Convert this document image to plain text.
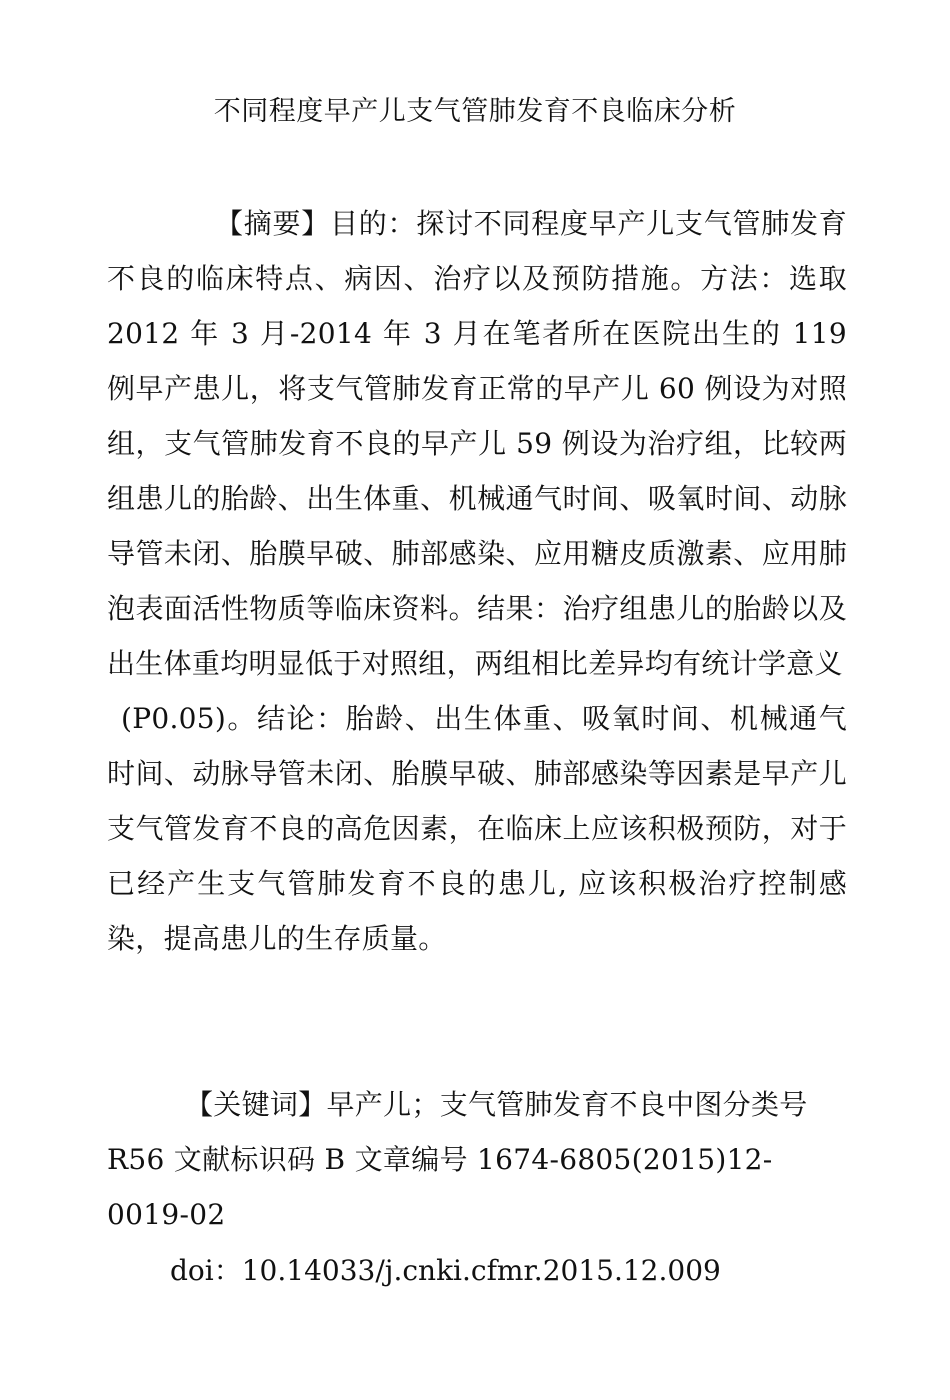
不同程度早产儿支气管肺发育不良临床分析

【摘要】目的：探讨不同程度早产儿支气管肺发育不良的临床特点、病因、治疗以及预防措施。方法：选取 2012 年 3 月-2014 年 3 月在笔者所在医院出生的 119 例早产患儿，将支气管肺发育正常的早产儿 60 例设为对照组，支气管肺发育不良的早产儿 59 例设为治疗组，比较两组患儿的胎龄、出生体重、机械通气时间、吸氧时间、动脉导管未闭、胎膜早破、肺部感染、应用糖皮质激素、应用肺泡表面活性物质等临床资料。结果：治疗组患儿的胎龄以及出生体重均明显低于对照组，两组相比差异均有统计学意义
(P0.05)。结论：胎龄、出生体重、吸氧时间、机械通气时间、动脉导管未闭、胎膜早破、肺部感染等因素是早产儿支气管发育不良的高危因素，在临床上应该积极预防，对于已经产生支气管肺发育不良的患儿, 应该积极治疗控制感染，提高患儿的生存质量。

【关键词】早产儿；支气管肺发育不良中图分类号 R56 文献标识码 B 文章编号 1674-6805(2015)12-0019-02

doi：10.14033/j.cnki.cfmr.2015.12.009
